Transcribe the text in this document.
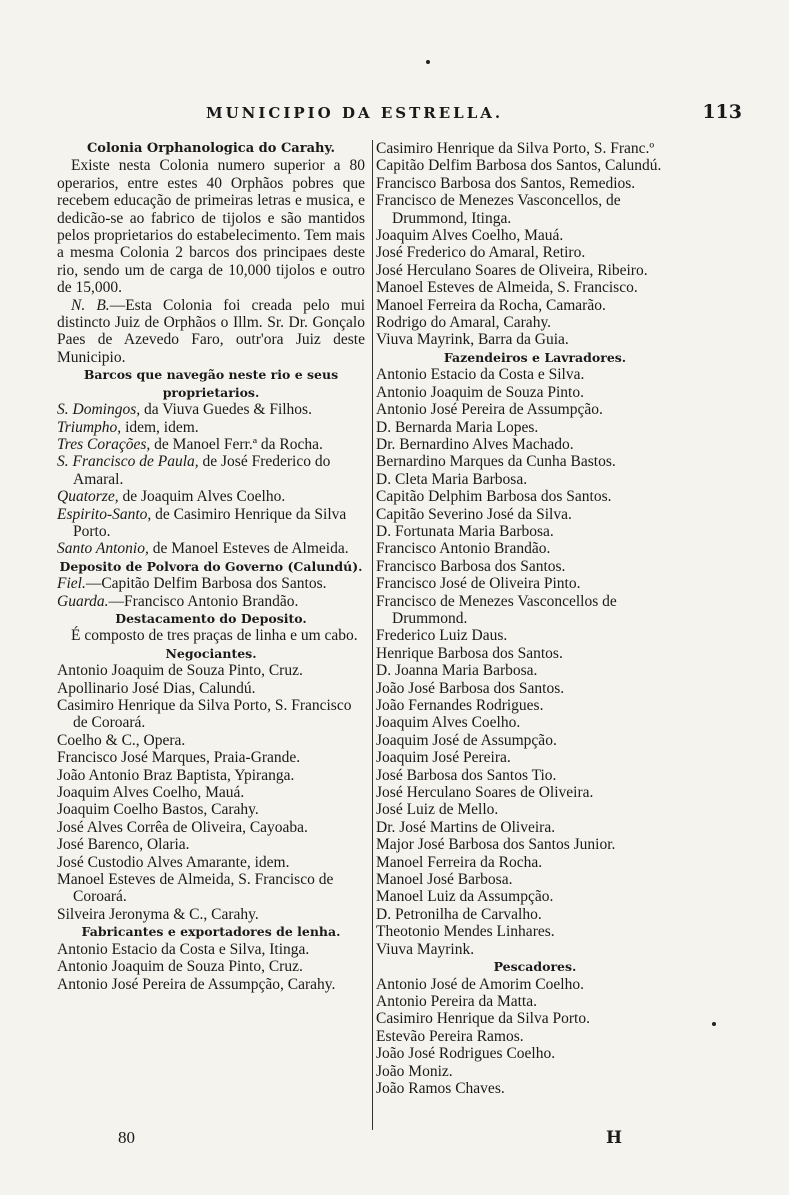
MUNICIPIO DA ESTRELLA.	113
Colonia Orphanologica do Carahy.
Existe nesta Colonia numero superior a 80 operarios, entre estes 40 Orphãos pobres que recebem educação de primeiras letras e musica, e dedicão-se ao fabrico de tijolos e são mantidos pelos proprietarios do estabelecimento. Tem mais a mesma Colonia 2 barcos dos principaes deste rio, sendo um de carga de 10,000 tijolos e outro de 15,000.
N. B.—Esta Colonia foi creada pelo mui distincto Juiz de Orphãos o Illm. Sr. Dr. Gonçalo Paes de Azevedo Faro, outr'ora Juiz deste Municipio.
Barcos que navegão neste rio e seus proprietarios.
S. Domingos, da Viuva Guedes & Filhos.
Triumpho, idem, idem.
Tres Corações, de Manoel Ferr.ª da Rocha.
S. Francisco de Paula, de José Frederico do Amaral.
Quatorze, de Joaquim Alves Coelho.
Espirito-Santo, de Casimiro Henrique da Silva Porto.
Santo Antonio, de Manoel Esteves de Almeida.
Deposito de Polvora do Governo (Calundú).
Fiel.—Capitão Delfim Barbosa dos Santos.
Guarda.—Francisco Antonio Brandão.
Destacamento do Deposito.
É composto de tres praças de linha e um cabo.
Negociantes.
Antonio Joaquim de Souza Pinto, Cruz.
Apollinario José Dias, Calundú.
Casimiro Henrique da Silva Porto, S. Francisco de Coroará.
Coelho & C., Opera.
Francisco José Marques, Praia-Grande.
João Antonio Braz Baptista, Ypiranga.
Joaquim Alves Coelho, Mauá.
Joaquim Coelho Bastos, Carahy.
José Alves Corrêa de Oliveira, Cayoaba.
José Barenco, Olaria.
José Custodio Alves Amarante, idem.
Manoel Esteves de Almeida, S. Francisco de Coroará.
Silveira Jeronyma & C., Carahy.
Fabricantes e exportadores de lenha.
Antonio Estacio da Costa e Silva, Itinga.
Antonio Joaquim de Souza Pinto, Cruz.
Antonio José Pereira de Assumpção, Carahy.
Casimiro Henrique da Silva Porto, S. Franc.º
Capitão Delfim Barbosa dos Santos, Calundú.
Francisco Barbosa dos Santos, Remedios.
Francisco de Menezes Vasconcellos, de Drummond, Itinga.
Joaquim Alves Coelho, Mauá.
José Frederico do Amaral, Retiro.
José Herculano Soares de Oliveira, Ribeiro.
Manoel Esteves de Almeida, S. Francisco.
Manoel Ferreira da Rocha, Camarão.
Rodrigo do Amaral, Carahy.
Viuva Mayrink, Barra da Guia.
Fazendeiros e Lavradores.
Antonio Estacio da Costa e Silva.
Antonio Joaquim de Souza Pinto.
Antonio José Pereira de Assumpção.
D. Bernarda Maria Lopes.
Dr. Bernardino Alves Machado.
Bernardino Marques da Cunha Bastos.
D. Cleta Maria Barbosa.
Capitão Delphim Barbosa dos Santos.
Capitão Severino José da Silva.
D. Fortunata Maria Barbosa.
Francisco Antonio Brandão.
Francisco Barbosa dos Santos.
Francisco José de Oliveira Pinto.
Francisco de Menezes Vasconcellos de Drummond.
Frederico Luiz Daus.
Henrique Barbosa dos Santos.
D. Joanna Maria Barbosa.
João José Barbosa dos Santos.
João Fernandes Rodrigues.
Joaquim Alves Coelho.
Joaquim José de Assumpção.
Joaquim José Pereira.
José Barbosa dos Santos Tio.
José Herculano Soares de Oliveira.
José Luiz de Mello.
Dr. José Martins de Oliveira.
Major José Barbosa dos Santos Junior.
Manoel Ferreira da Rocha.
Manoel José Barbosa.
Manoel Luiz da Assumpção.
D. Petronilha de Carvalho.
Theotonio Mendes Linhares.
Viuva Mayrink.
Pescadores.
Antonio José de Amorim Coelho.
Antonio Pereira da Matta.
Casimiro Henrique da Silva Porto.
Estevão Pereira Ramos.
João José Rodrigues Coelho.
João Moniz.
João Ramos Chaves.
80	H
